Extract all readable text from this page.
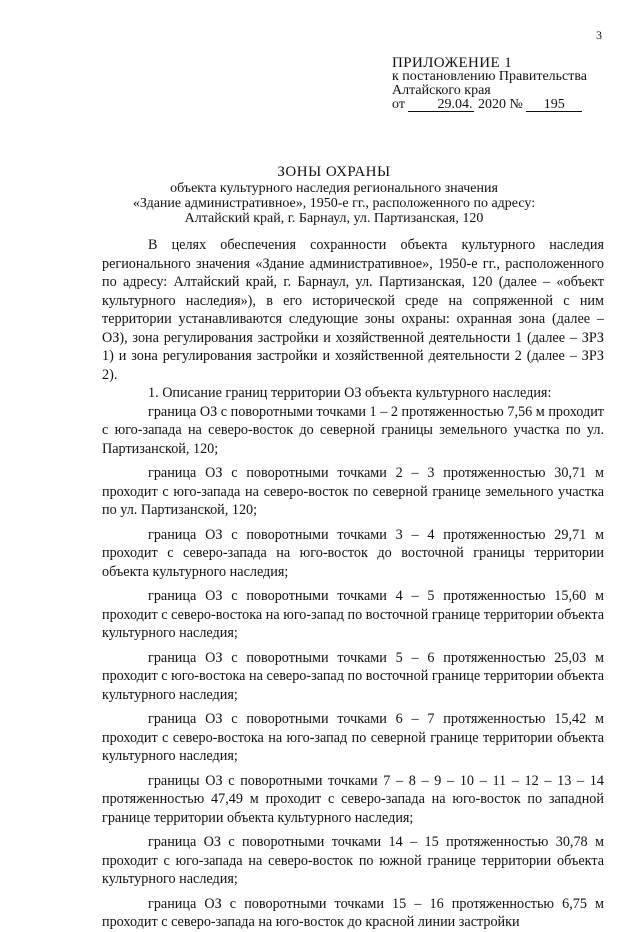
3
ПРИЛОЖЕНИЕ 1
к постановлению Правительства
Алтайского края
от 29.04. 2020 № 195
ЗОНЫ ОХРАНЫ
объекта культурного наследия регионального значения
«Здание административное», 1950-е гг., расположенного по адресу:
Алтайский край, г. Барнаул, ул. Партизанская, 120

В целях обеспечения сохранности объекта культурного наследия регионального значения «Здание административное», 1950-е гг., расположенного по адресу: Алтайский край, г. Барнаул, ул. Партизанская, 120 (далее – «объект культурного наследия»), в его исторической среде на сопряженной с ним территории устанавливаются следующие зоны охраны: охранная зона (далее – ОЗ), зона регулирования застройки и хозяйственной деятельности 1 (далее – ЗРЗ 1) и зона регулирования застройки и хозяйственной деятельности 2 (далее – ЗРЗ 2).

1. Описание границ территории ОЗ объекта культурного наследия:

граница ОЗ с поворотными точками 1 – 2 протяженностью 7,56 м проходит с юго-запада на северо-восток до северной границы земельного участка по ул. Партизанской, 120;

граница ОЗ с поворотными точками 2 – 3 протяженностью 30,71 м проходит с юго-запада на северо-восток по северной границе земельного участка по ул. Партизанской, 120;

граница ОЗ с поворотными точками 3 – 4 протяженностью 29,71 м проходит с северо-запада на юго-восток до восточной границы территории объекта культурного наследия;

граница ОЗ с поворотными точками 4 – 5 протяженностью 15,60 м проходит с северо-востока на юго-запад по восточной границе территории объекта культурного наследия;

граница ОЗ с поворотными точками 5 – 6 протяженностью 25,03 м проходит с юго-востока на северо-запад по восточной границе территории объекта культурного наследия;

граница ОЗ с поворотными точками 6 – 7 протяженностью 15,42 м проходит с северо-востока на юго-запад по северной границе территории объекта культурного наследия;

границы ОЗ с поворотными точками 7 – 8 – 9 – 10 – 11 – 12 – 13 – 14 протяженностью 47,49 м проходит с северо-запада на юго-восток по западной границе территории объекта культурного наследия;

граница ОЗ с поворотными точками 14 – 15 протяженностью 30,78 м проходит с юго-запада на северо-восток по южной границе территории объекта культурного наследия;

граница ОЗ с поворотными точками 15 – 16 протяженностью 6,75 м проходит с северо-запада на юго-восток до красной линии застройки
